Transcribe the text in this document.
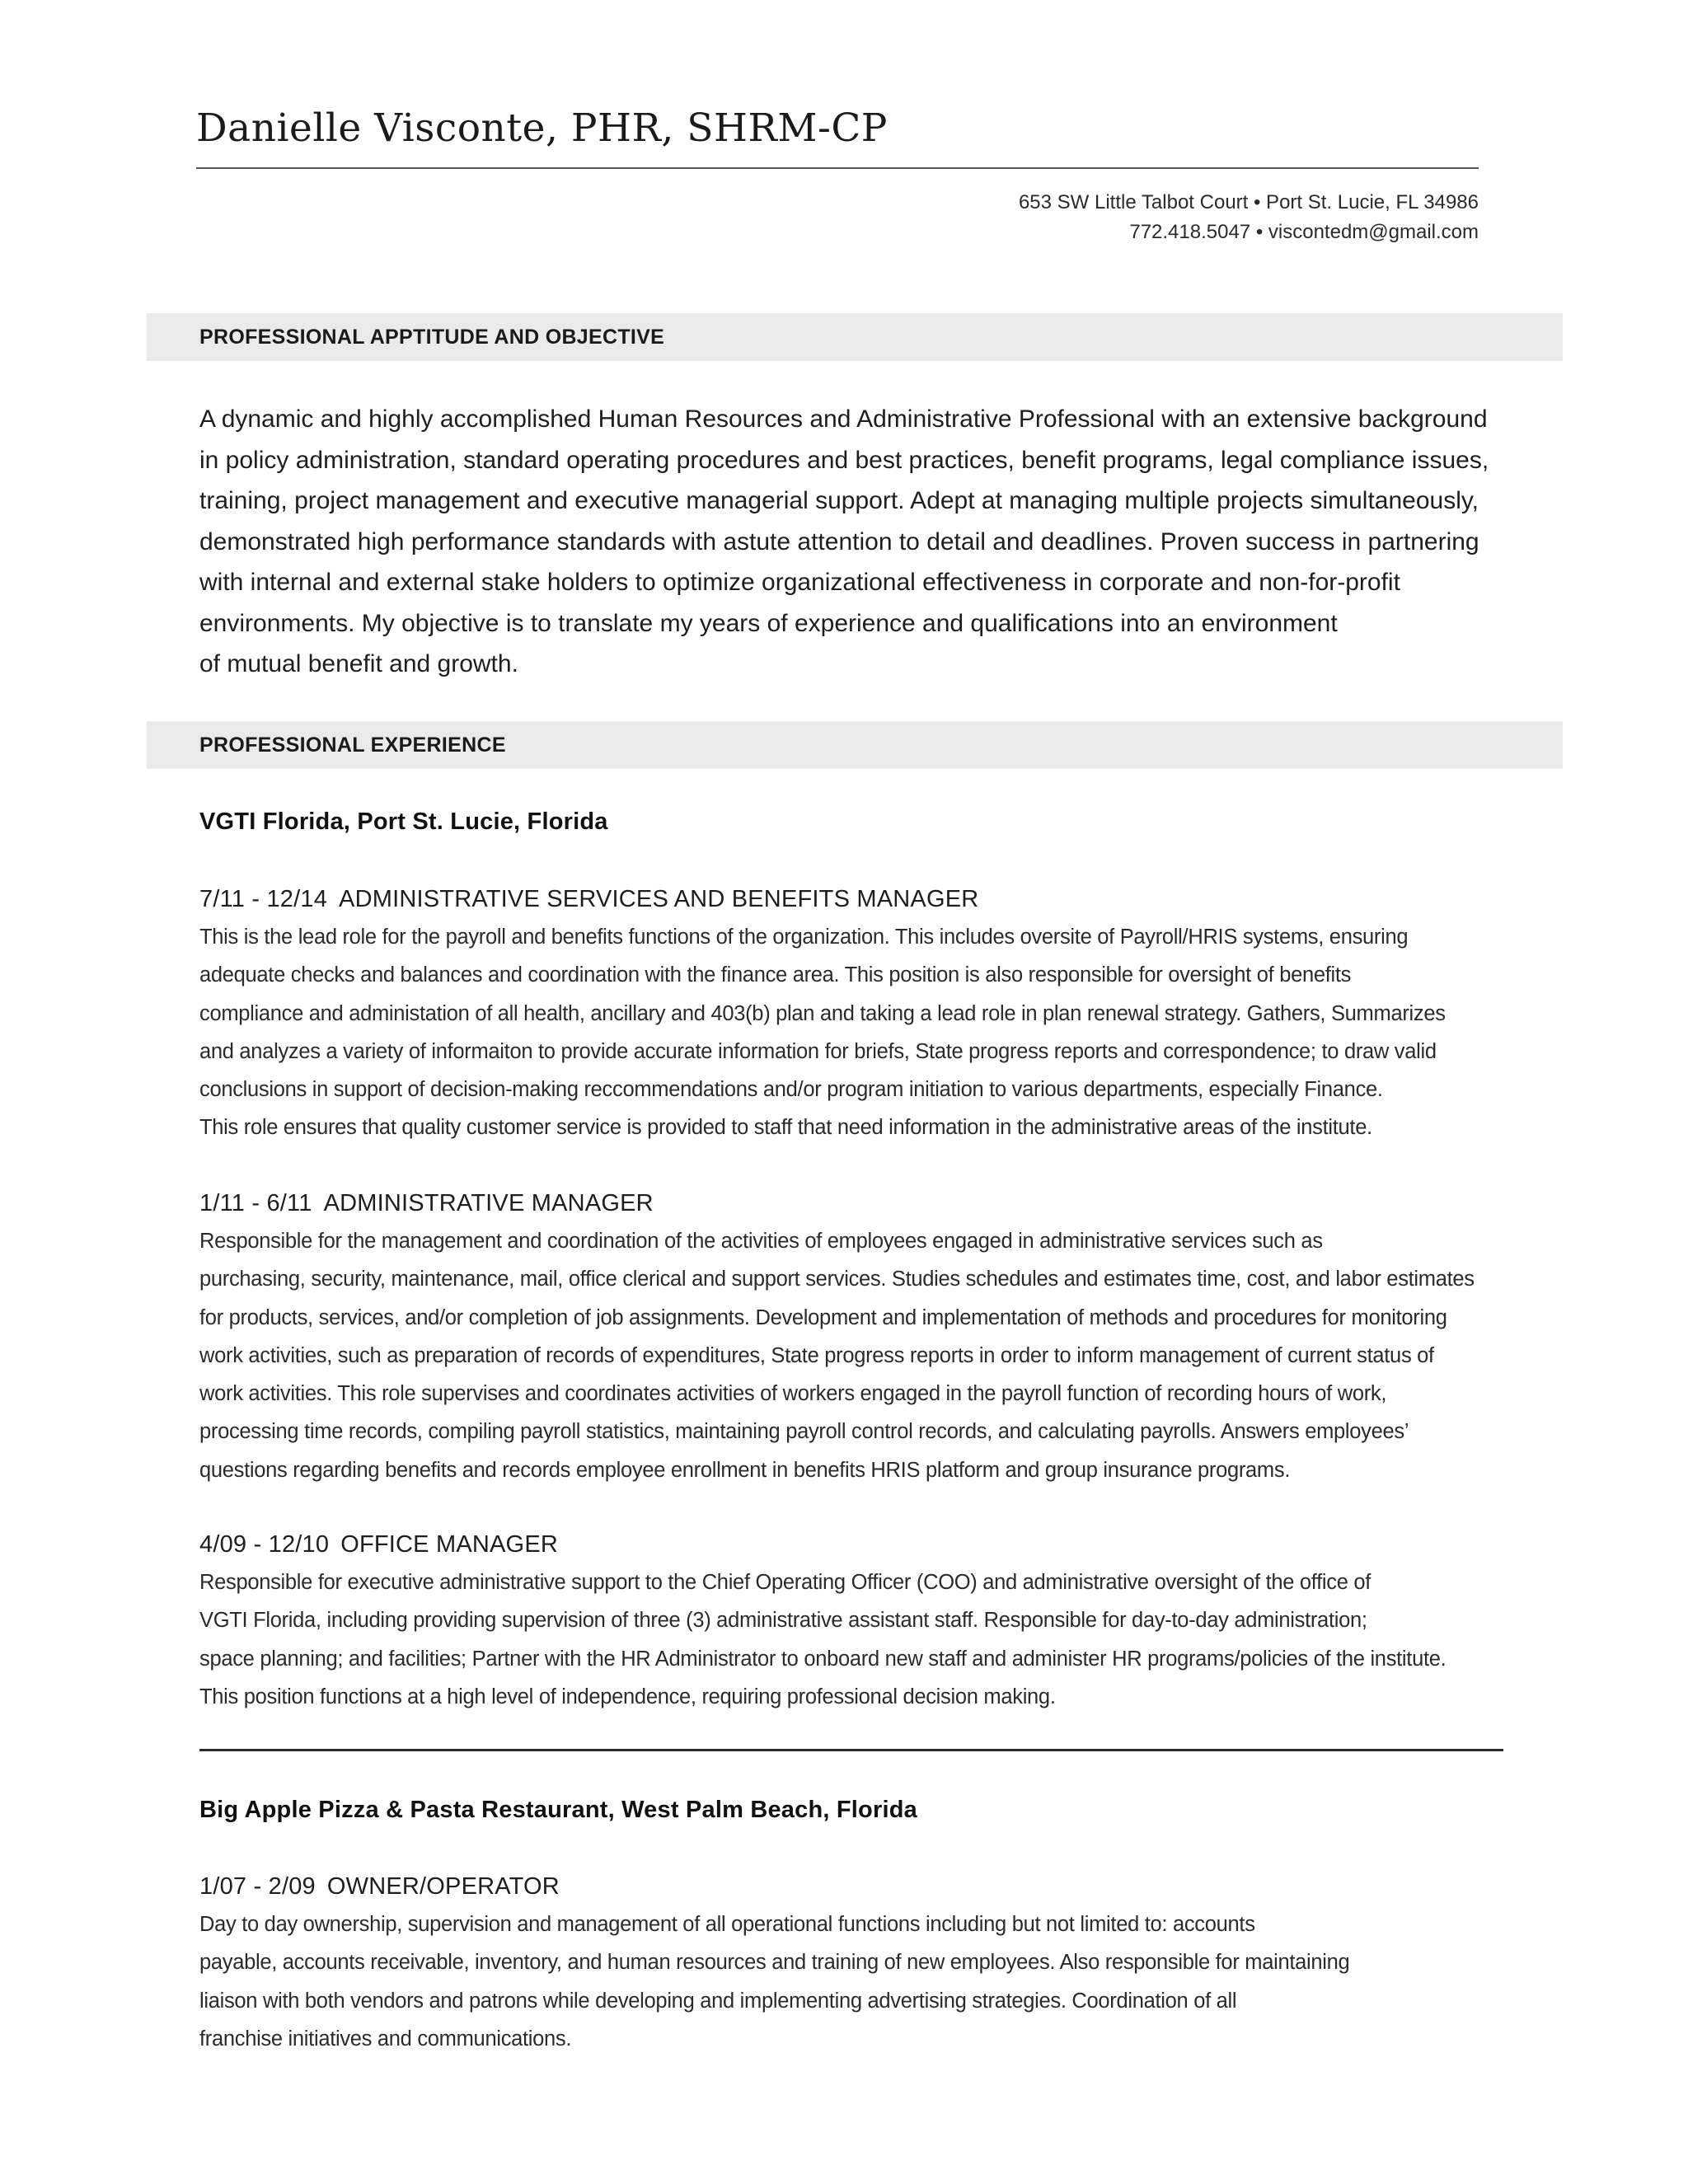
Danielle Visconte, PHR, SHRM-CP
653 SW Little Talbot Court • Port St. Lucie, FL 34986
772.418.5047 • viscontedm@gmail.com
PROFESSIONAL APPTITUDE AND OBJECTIVE
A dynamic and highly accomplished Human Resources and Administrative Professional with an extensive background
in policy administration, standard operating procedures and best practices, benefit programs, legal compliance issues,
training, project management and executive managerial support. Adept at managing multiple projects simultaneously,
demonstrated high performance standards with astute attention to detail and deadlines. Proven success in partnering
with internal and external stake holders to optimize organizational effectiveness in corporate and non-for-profit
environments. My objective is to translate my years of experience and qualifications into an environment
of mutual benefit and growth.
PROFESSIONAL EXPERIENCE
VGTI Florida, Port St. Lucie, Florida
7/11 - 12/14 ADMINISTRATIVE SERVICES AND BENEFITS MANAGER
This is the lead role for the payroll and benefits functions of the organization. This includes oversite of Payroll/HRIS systems, ensuring
adequate checks and balances and coordination with the finance area. This position is also responsible for oversight of benefits
compliance and administation of all health, ancillary and 403(b) plan and taking a lead role in plan renewal strategy. Gathers, Summarizes
and analyzes a variety of informaiton to provide accurate information for briefs, State progress reports and correspondence; to draw valid
conclusions in support of decision-making reccommendations and/or program initiation to various departments, especially Finance.
This role ensures that quality customer service is provided to staff that need information in the administrative areas of the institute.
1/11 - 6/11 ADMINISTRATIVE MANAGER
Responsible for the management and coordination of the activities of employees engaged in administrative services such as
purchasing, security, maintenance, mail, office clerical and support services. Studies schedules and estimates time, cost, and labor estimates
for products, services, and/or completion of job assignments. Development and implementation of methods and procedures for monitoring
work activities, such as preparation of records of expenditures, State progress reports in order to inform management of current status of
work activities. This role supervises and coordinates activities of workers engaged in the payroll function of recording hours of work,
processing time records, compiling payroll statistics, maintaining payroll control records, and calculating payrolls. Answers employees’
questions regarding benefits and records employee enrollment in benefits HRIS platform and group insurance programs.
4/09 - 12/10 OFFICE MANAGER
Responsible for executive administrative support to the Chief Operating Officer (COO) and administrative oversight of the office of
VGTI Florida, including providing supervision of three (3) administrative assistant staff. Responsible for day-to-day administration;
space planning; and facilities; Partner with the HR Administrator to onboard new staff and administer HR programs/policies of the institute.
This position functions at a high level of independence, requiring professional decision making.
Big Apple Pizza & Pasta Restaurant, West Palm Beach, Florida
1/07 - 2/09 OWNER/OPERATOR
Day to day ownership, supervision and management of all operational functions including but not limited to: accounts
payable, accounts receivable, inventory, and human resources and training of new employees. Also responsible for maintaining
liaison with both vendors and patrons while developing and implementing advertising strategies. Coordination of all
franchise initiatives and communications.
